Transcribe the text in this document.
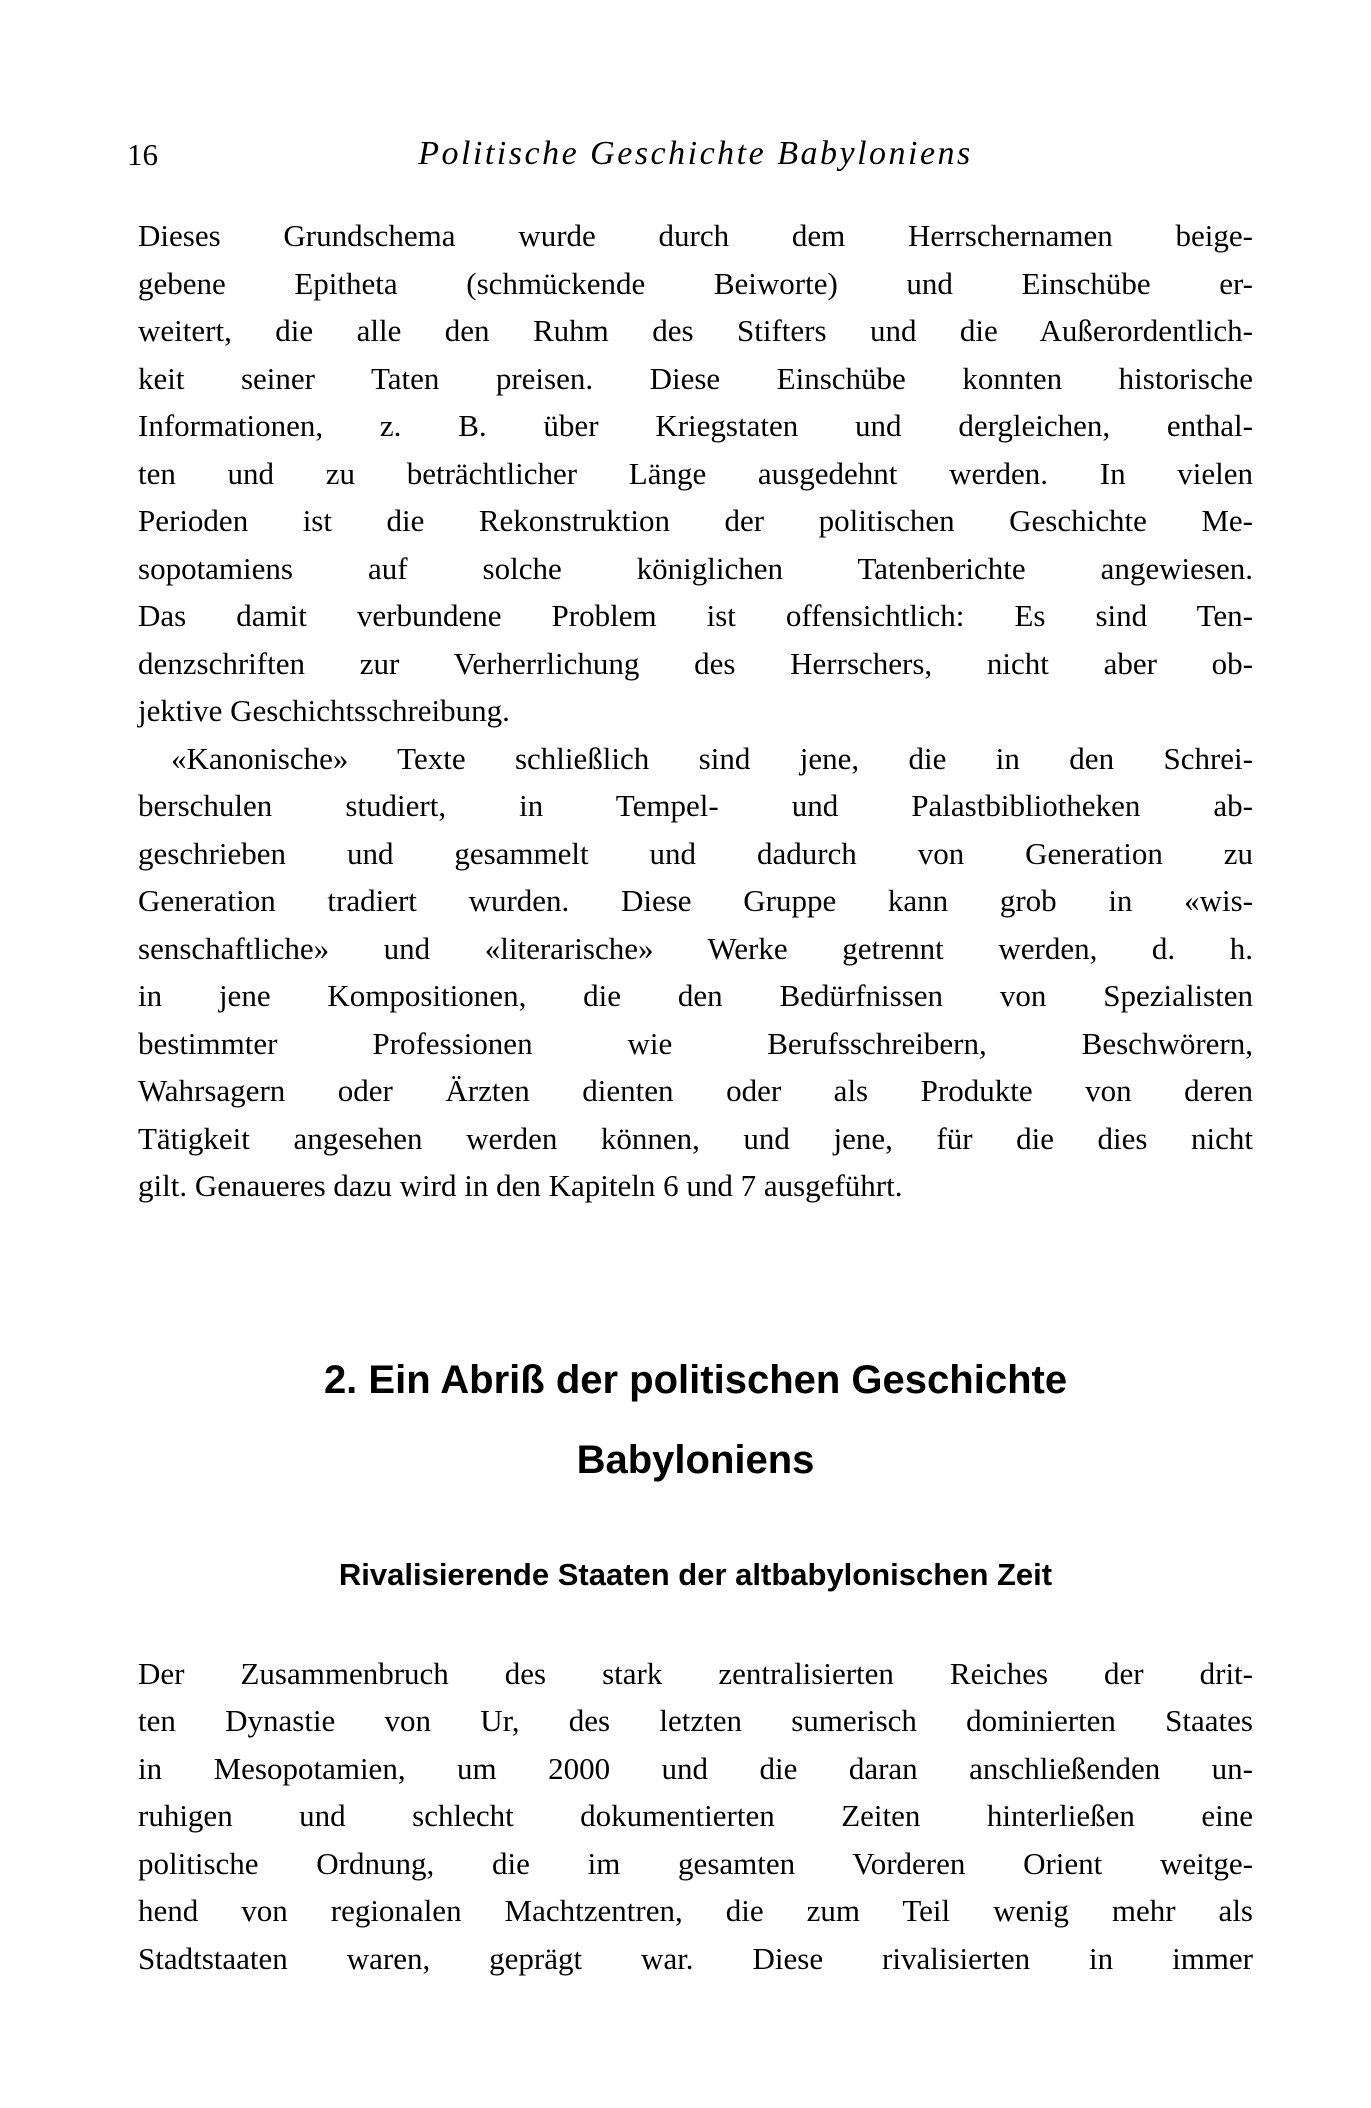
16	Politische Geschichte Babyloniens
Dieses Grundschema wurde durch dem Herrschernamen beige-
gebene Epitheta (schmückende Beiworte) und Einschübe er-
weitert, die alle den Ruhm des Stifters und die Außerordentlich-
keit seiner Taten preisen. Diese Einschübe konnten historische
Informationen, z. B. über Kriegstaten und dergleichen, enthal-
ten und zu beträchtlicher Länge ausgedehnt werden. In vielen
Perioden ist die Rekonstruktion der politischen Geschichte Me-
sopotamiens auf solche königlichen Tatenberichte angewiesen.
Das damit verbundene Problem ist offensichtlich: Es sind Ten-
denzschriften zur Verherrlichung des Herrschers, nicht aber ob-
jektive Geschichtsschreibung.
«Kanonische» Texte schließlich sind jene, die in den Schrei-
berschulen studiert, in Tempel- und Palastbibliotheken ab-
geschrieben und gesammelt und dadurch von Generation zu
Generation tradiert wurden. Diese Gruppe kann grob in «wis-
senschaftliche» und «literarische» Werke getrennt werden, d. h.
in jene Kompositionen, die den Bedürfnissen von Spezialisten
bestimmter Professionen wie Berufsschreibern, Beschwörern,
Wahrsagern oder Ärzten dienten oder als Produkte von deren
Tätigkeit angesehen werden können, und jene, für die dies nicht
gilt. Genaueres dazu wird in den Kapiteln 6 und 7 ausgeführt.
2. Ein Abriß der politischen Geschichte
Babyloniens
Rivalisierende Staaten der altbabylonischen Zeit
Der Zusammenbruch des stark zentralisierten Reiches der drit-
ten Dynastie von Ur, des letzten sumerisch dominierten Staates
in Mesopotamien, um 2000 und die daran anschließenden un-
ruhigen und schlecht dokumentierten Zeiten hinterließen eine
politische Ordnung, die im gesamten Vorderen Orient weitge-
hend von regionalen Machtzentren, die zum Teil wenig mehr als
Stadtstaaten waren, geprägt war. Diese rivalisierten in immer
